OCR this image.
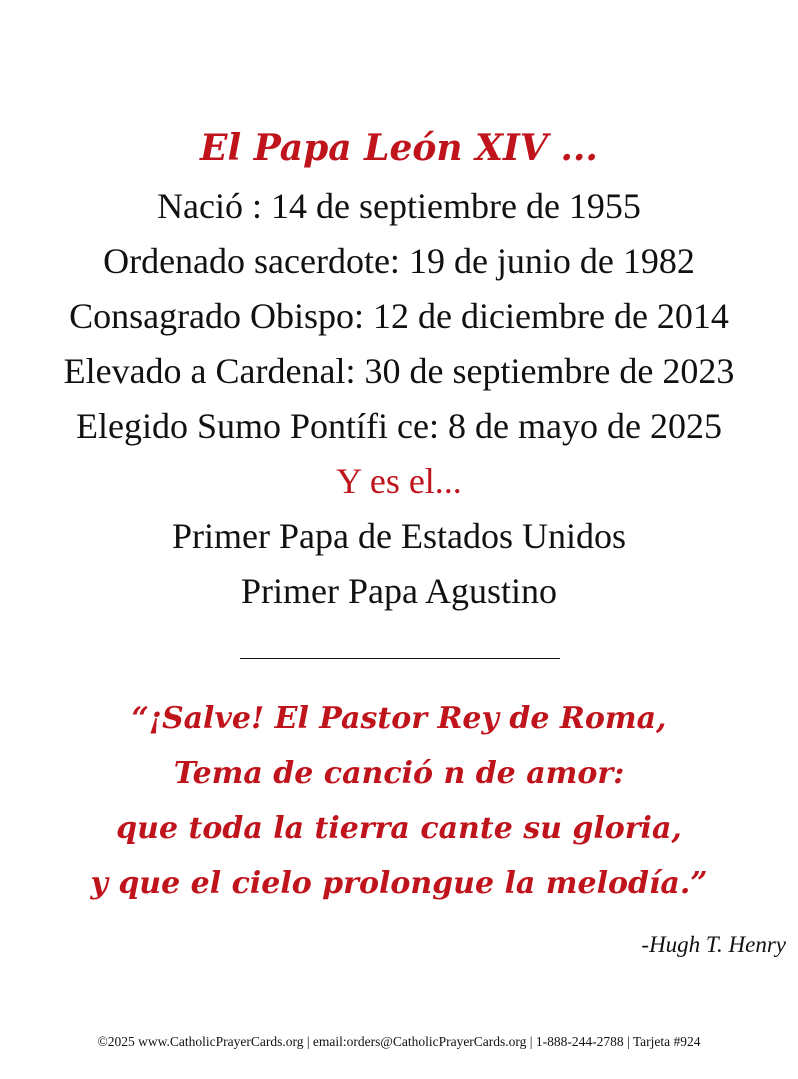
El Papa León XIV ...
Nació : 14 de septiembre de 1955
Ordenado sacerdote: 19 de junio de 1982
Consagrado Obispo: 12 de diciembre de 2014
Elevado a Cardenal: 30 de septiembre de 2023
Elegido Sumo Pontífi ce: 8 de mayo de 2025
Y es el...
Primer Papa de Estados Unidos
Primer Papa Agustino
“¡Salve! El Pastor Rey de Roma,
Tema de canció n de amor:
que toda la tierra cante su gloria,
y que el cielo prolongue la melodía.”
-Hugh T. Henry
©2025 www.CatholicPrayerCards.org | email:orders@CatholicPrayerCards.org | 1-888-244-2788 | Tarjeta #924
